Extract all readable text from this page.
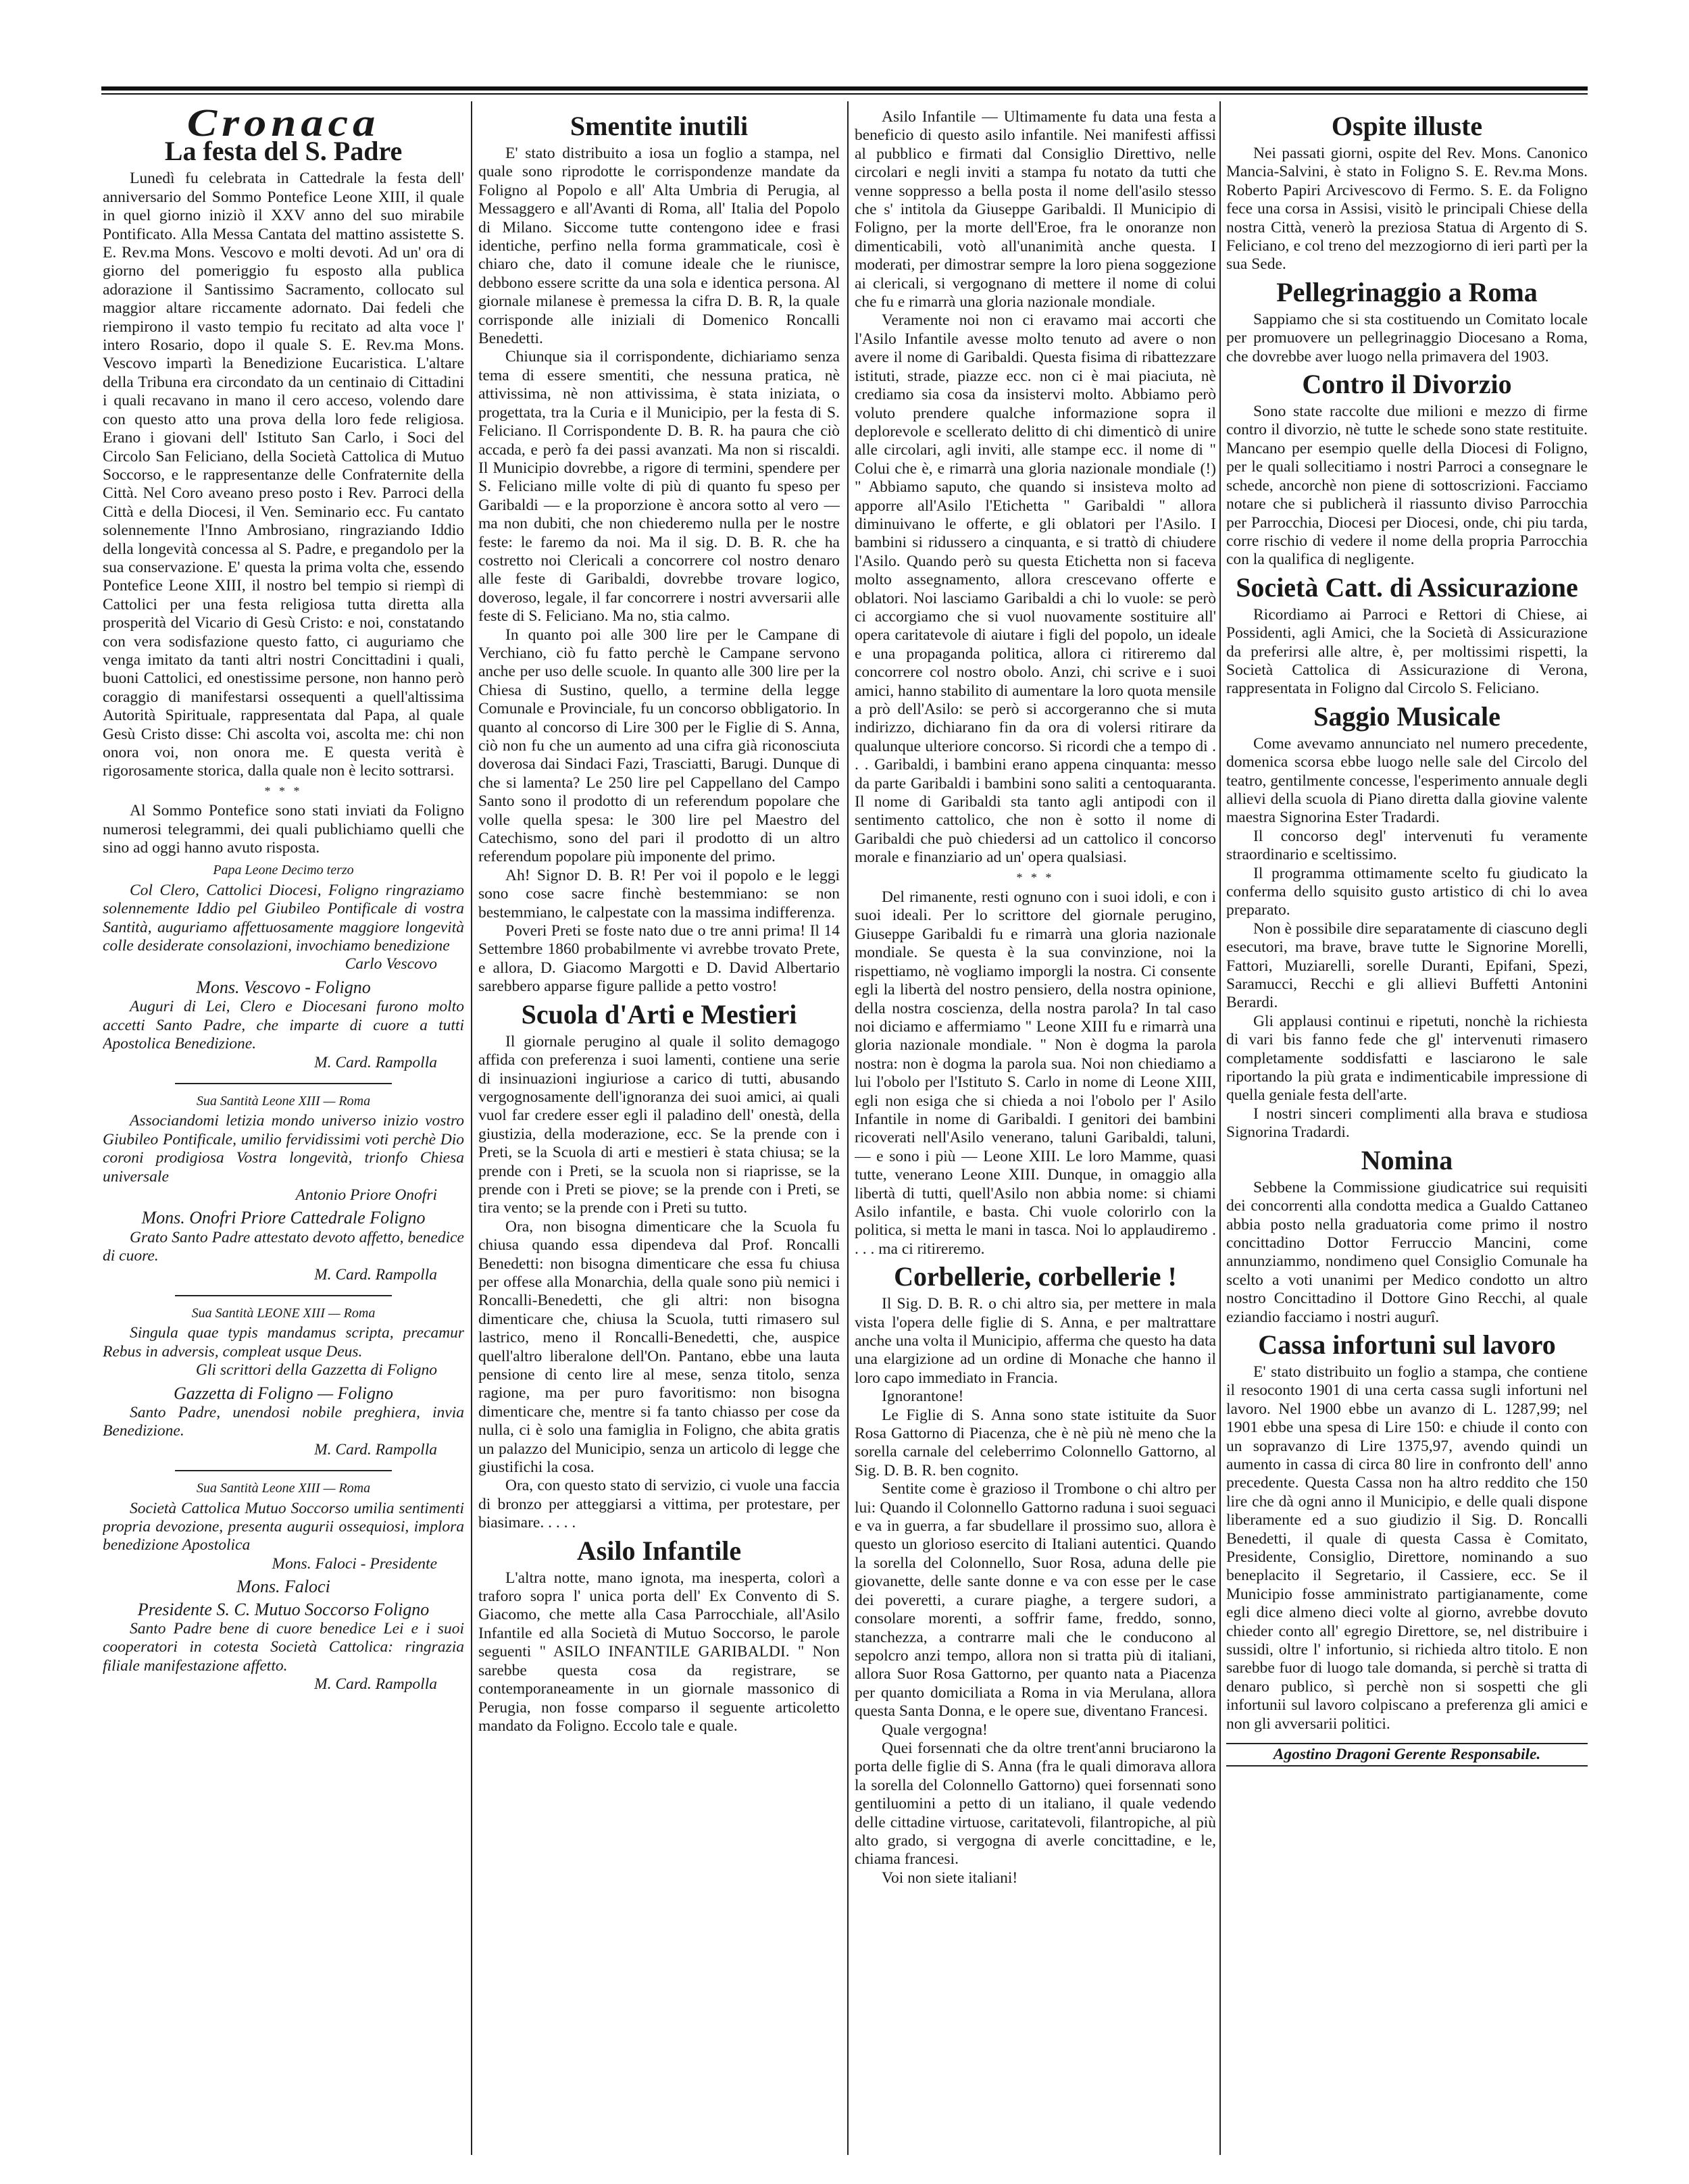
Cronaca
La festa del S. Padre
Lunedì fu celebrata in Cattedrale la festa dell' anniversario del Sommo Pontefice Leone XIII, il quale in quel giorno iniziò il XXV anno del suo mirabile Pontificato. Alla Messa Cantata del mattino assistette S. E. Rev.ma Mons. Vescovo e molti devoti. Ad un' ora di giorno del pomeriggio fu esposto alla publica adorazione il Santissimo Sacramento, collocato sul maggior altare riccamente adornato. Dai fedeli che riempirono il vasto tempio fu recitato ad alta voce l' intero Rosario, dopo il quale S. E. Rev.ma Mons. Vescovo impartì la Benedizione Eucaristica. L'altare della Tribuna era circondato da un centinaio di Cittadini i quali recavano in mano il cero acceso, volendo dare con questo atto una prova della loro fede religiosa. Erano i giovani dell' Istituto San Carlo, i Soci del Circolo San Feliciano, della Società Cattolica di Mutuo Soccorso, e le rappresentanze delle Confraternite della Città. Nel Coro aveano preso posto i Rev. Parroci della Città e della Diocesi, il Ven. Seminario ecc. Fu cantato solennemente l'Inno Ambrosiano, ringraziando Iddio della longevità concessa al S. Padre, e pregandolo per la sua conservazione. E' questa la prima volta che, essendo Pontefice Leone XIII, il nostro bel tempio si riempì di Cattolici per una festa religiosa tutta diretta alla prosperità del Vicario di Gesù Cristo: e noi, constatando con vera sodisfazione questo fatto, ci auguriamo che venga imitato da tanti altri nostri Concittadini i quali, buoni Cattolici, ed onestissime persone, non hanno però coraggio di manifestarsi ossequenti a quell'altissima Autorità Spirituale, rappresentata dal Papa, al quale Gesù Cristo disse: Chi ascolta voi, ascolta me: chi non onora voi, non onora me. E questa verità è rigorosamente storica, dalla quale non è lecito sottrarsi.
* * *
Al Sommo Pontefice sono stati inviati da Foligno numerosi telegrammi, dei quali publichiamo quelli che sino ad oggi hanno avuto risposta.
Papa Leone Decimo terzo
Col Clero, Cattolici Diocesi, Foligno ringraziamo solennemente Iddio pel Giubileo Pontificale di vostra Santità, auguriamo affettuosamente maggiore longevità colle desiderate consolazioni, invochiamo benedizione
Carlo Vescovo
Mons. Vescovo - Foligno
Auguri di Lei, Clero e Diocesani furono molto accetti Santo Padre, che imparte di cuore a tutti Apostolica Benedizione.
M. Card. Rampolla
Sua Santità Leone XIII — Roma
Associandomi letizia mondo universo inizio vostro Giubileo Pontificale, umilio fervidissimi voti perchè Dio coroni prodigiosa Vostra longevità, trionfo Chiesa universale
Antonio Priore Onofri
Mons. Onofri Priore Cattedrale Foligno
Grato Santo Padre attestato devoto affetto, benedice di cuore.
M. Card. Rampolla
Sua Santità LEONE XIII — Roma
Singula quae typis mandamus scripta, precamur Rebus in adversis, compleat usque Deus.
Gli scrittori della Gazzetta di Foligno
Gazzetta di Foligno — Foligno
Santo Padre, unendosi nobile preghiera, invia Benedizione.
M. Card. Rampolla
Sua Santità Leone XIII — Roma
Società Cattolica Mutuo Soccorso umilia sentimenti propria devozione, presenta augurii ossequiosi, implora benedizione Apostolica
Mons. Faloci - Presidente
Mons. Faloci
Presidente S. C. Mutuo Soccorso Foligno
Santo Padre bene di cuore benedice Lei e i suoi cooperatori in cotesta Società Cattolica: ringrazia filiale manifestazione affetto.
M. Card. Rampolla
Smentite inutili
E' stato distribuito a iosa un foglio a stampa, nel quale sono riprodotte le corrispondenze mandate da Foligno al Popolo e all' Alta Umbria di Perugia, al Messaggero e all'Avanti di Roma, all' Italia del Popolo di Milano. Siccome tutte contengono idee e frasi identiche, perfino nella forma grammaticale, così è chiaro che, dato il comune ideale che le riunisce, debbono essere scritte da una sola e identica persona. Al giornale milanese è premessa la cifra D. B. R, la quale corrisponde alle iniziali di Domenico Roncalli Benedetti.
Chiunque sia il corrispondente, dichiariamo senza tema di essere smentiti, che nessuna pratica, nè attivissima, nè non attivissima, è stata iniziata, o progettata, tra la Curia e il Municipio, per la festa di S. Feliciano. Il Corrispondente D. B. R. ha paura che ciò accada, e però fa dei passi avanzati. Ma non si riscaldi. Il Municipio dovrebbe, a rigore di termini, spendere per S. Feliciano mille volte di più di quanto fu speso per Garibaldi — e la proporzione è ancora sotto al vero — ma non dubiti, che non chiederemo nulla per le nostre feste: le faremo da noi. Ma il sig. D. B. R. che ha costretto noi Clericali a concorrere col nostro denaro alle feste di Garibaldi, dovrebbe trovare logico, doveroso, legale, il far concorrere i nostri avversarii alle feste di S. Feliciano. Ma no, stia calmo.
In quanto poi alle 300 lire per le Campane di Verchiano, ciò fu fatto perchè le Campane servono anche per uso delle scuole. In quanto alle 300 lire per la Chiesa di Sustino, quello, a termine della legge Comunale e Provinciale, fu un concorso obbligatorio. In quanto al concorso di Lire 300 per le Figlie di S. Anna, ciò non fu che un aumento ad una cifra già riconosciuta doverosa dai Sindaci Fazi, Trasciatti, Barugi. Dunque di che si lamenta? Le 250 lire pel Cappellano del Campo Santo sono il prodotto di un referendum popolare che volle quella spesa: le 300 lire pel Maestro del Catechismo, sono del pari il prodotto di un altro referendum popolare più imponente del primo.
Ah! Signor D. B. R! Per voi il popolo e le leggi sono cose sacre finchè bestemmiano: se non bestemmiano, le calpestate con la massima indifferenza.
Poveri Preti se foste nato due o tre anni prima! Il 14 Settembre 1860 probabilmente vi avrebbe trovato Prete, e allora, D. Giacomo Margotti e D. David Albertario sarebbero apparse figure pallide a petto vostro!
Scuola d'Arti e Mestieri
Il giornale perugino al quale il solito demagogo affida con preferenza i suoi lamenti, contiene una serie di insinuazioni ingiuriose a carico di tutti, abusando vergognosamente dell'ignoranza dei suoi amici, ai quali vuol far credere esser egli il paladino dell' onestà, della giustizia, della moderazione, ecc. Se la prende con i Preti, se la Scuola di arti e mestieri è stata chiusa; se la prende con i Preti, se la scuola non si riaprisse, se la prende con i Preti se piove; se la prende con i Preti, se tira vento; se la prende con i Preti su tutto.
Ora, non bisogna dimenticare che la Scuola fu chiusa quando essa dipendeva dal Prof. Roncalli Benedetti: non bisogna dimenticare che essa fu chiusa per offese alla Monarchia, della quale sono più nemici i Roncalli-Benedetti, che gli altri: non bisogna dimenticare che, chiusa la Scuola, tutti rimasero sul lastrico, meno il Roncalli-Benedetti, che, auspice quell'altro liberalone dell'On. Pantano, ebbe una lauta pensione di cento lire al mese, senza titolo, senza ragione, ma per puro favoritismo: non bisogna dimenticare che, mentre si fa tanto chiasso per cose da nulla, ci è solo una famiglia in Foligno, che abita gratis un palazzo del Municipio, senza un articolo di legge che giustifichi la cosa.
Ora, con questo stato di servizio, ci vuole una faccia di bronzo per atteggiarsi a vittima, per protestare, per biasimare. . . . .
Asilo Infantile
L'altra notte, mano ignota, ma inesperta, colorì a traforo sopra l' unica porta dell' Ex Convento di S. Giacomo, che mette alla Casa Parrocchiale, all'Asilo Infantile ed alla Società di Mutuo Soccorso, le parole seguenti " ASILO INFANTILE GARIBALDI. " Non sarebbe questa cosa da registrare, se contemporaneamente in un giornale massonico di Perugia, non fosse comparso il seguente articoletto mandato da Foligno. Eccolo tale e quale.
Asilo Infantile — Ultimamente fu data una festa a beneficio di questo asilo infantile. Nei manifesti affissi al pubblico e firmati dal Consiglio Direttivo, nelle circolari e negli inviti a stampa fu notato da tutti che venne soppresso a bella posta il nome dell'asilo stesso che s' intitola da Giuseppe Garibaldi. Il Municipio di Foligno, per la morte dell'Eroe, fra le onoranze non dimenticabili, votò all'unanimità anche questa. I moderati, per dimostrar sempre la loro piena soggezione ai clericali, si vergognano di mettere il nome di colui che fu e rimarrà una gloria nazionale mondiale.
Veramente noi non ci eravamo mai accorti che l'Asilo Infantile avesse molto tenuto ad avere o non avere il nome di Garibaldi. Questa fisima di ribattezzare istituti, strade, piazze ecc. non ci è mai piaciuta, nè crediamo sia cosa da insistervi molto. Abbiamo però voluto prendere qualche informazione sopra il deplorevole e scellerato delitto di chi dimenticò di unire alle circolari, agli inviti, alle stampe ecc. il nome di " Colui che è, e rimarrà una gloria nazionale mondiale (!) " Abbiamo saputo, che quando si insisteva molto ad apporre all'Asilo l'Etichetta " Garibaldi " allora diminuivano le offerte, e gli oblatori per l'Asilo. I bambini si ridussero a cinquanta, e si trattò di chiudere l'Asilo. Quando però su questa Etichetta non si faceva molto assegnamento, allora crescevano offerte e oblatori. Noi lasciamo Garibaldi a chi lo vuole: se però ci accorgiamo che si vuol nuovamente sostituire all' opera caritatevole di aiutare i figli del popolo, un ideale e una propaganda politica, allora ci ritireremo dal concorrere col nostro obolo. Anzi, chi scrive e i suoi amici, hanno stabilito di aumentare la loro quota mensile a prò dell'Asilo: se però si accorgeranno che si muta indirizzo, dichiarano fin da ora di volersi ritirare da qualunque ulteriore concorso. Si ricordi che a tempo di . . . Garibaldi, i bambini erano appena cinquanta: messo da parte Garibaldi i bambini sono saliti a centoquaranta. Il nome di Garibaldi sta tanto agli antipodi con il sentimento cattolico, che non è sotto il nome di Garibaldi che può chiedersi ad un cattolico il concorso morale e finanziario ad un' opera qualsiasi.
* * *
Del rimanente, resti ognuno con i suoi idoli, e con i suoi ideali. Per lo scrittore del giornale perugino, Giuseppe Garibaldi fu e rimarrà una gloria nazionale mondiale. Se questa è la sua convinzione, noi la rispettiamo, nè vogliamo imporgli la nostra. Ci consente egli la libertà del nostro pensiero, della nostra opinione, della nostra coscienza, della nostra parola? In tal caso noi diciamo e affermiamo " Leone XIII fu e rimarrà una gloria nazionale mondiale. " Non è dogma la parola nostra: non è dogma la parola sua. Noi non chiediamo a lui l'obolo per l'Istituto S. Carlo in nome di Leone XIII, egli non esiga che si chieda a noi l'obolo per l' Asilo Infantile in nome di Garibaldi. I genitori dei bambini ricoverati nell'Asilo venerano, taluni Garibaldi, taluni, — e sono i più — Leone XIII. Le loro Mamme, quasi tutte, venerano Leone XIII. Dunque, in omaggio alla libertà di tutti, quell'Asilo non abbia nome: si chiami Asilo infantile, e basta. Chi vuole colorirlo con la politica, si metta le mani in tasca. Noi lo applaudiremo . . . . ma ci ritireremo.
Corbellerie, corbellerie !
Il Sig. D. B. R. o chi altro sia, per mettere in mala vista l'opera delle figlie di S. Anna, e per maltrattare anche una volta il Municipio, afferma che questo ha data una elargizione ad un ordine di Monache che hanno il loro capo immediato in Francia.
Ignorantone!
Le Figlie di S. Anna sono state istituite da Suor Rosa Gattorno di Piacenza, che è nè più nè meno che la sorella carnale del celeberrimo Colonnello Gattorno, al Sig. D. B. R. ben cognito.
Sentite come è grazioso il Trombone o chi altro per lui: Quando il Colonnello Gattorno raduna i suoi seguaci e va in guerra, a far sbudellare il prossimo suo, allora è questo un glorioso esercito di Italiani autentici. Quando la sorella del Colonnello, Suor Rosa, aduna delle pie giovanette, delle sante donne e va con esse per le case dei poveretti, a curare piaghe, a tergere sudori, a consolare morenti, a soffrir fame, freddo, sonno, stanchezza, a contrarre mali che le conducono al sepolcro anzi tempo, allora non si tratta più di italiani, allora Suor Rosa Gattorno, per quanto nata a Piacenza per quanto domiciliata a Roma in via Merulana, allora questa Santa Donna, e le opere sue, diventano Francesi.
Quale vergogna!
Quei forsennati che da oltre trent'anni bruciarono la porta delle figlie di S. Anna (fra le quali dimorava allora la sorella del Colonnello Gattorno) quei forsennati sono gentiluomini a petto di un italiano, il quale vedendo delle cittadine virtuose, caritatevoli, filantropiche, al più alto grado, si vergogna di averle concittadine, e le, chiama francesi.
Voi non siete italiani!
Ospite illuste
Nei passati giorni, ospite del Rev. Mons. Canonico Mancia-Salvini, è stato in Foligno S. E. Rev.ma Mons. Roberto Papiri Arcivescovo di Fermo. S. E. da Foligno fece una corsa in Assisi, visitò le principali Chiese della nostra Città, venerò la preziosa Statua di Argento di S. Feliciano, e col treno del mezzogiorno di ieri partì per la sua Sede.
Pellegrinaggio a Roma
Sappiamo che si sta costituendo un Comitato locale per promuovere un pellegrinaggio Diocesano a Roma, che dovrebbe aver luogo nella primavera del 1903.
Contro il Divorzio
Sono state raccolte due milioni e mezzo di firme contro il divorzio, nè tutte le schede sono state restituite. Mancano per esempio quelle della Diocesi di Foligno, per le quali sollecitiamo i nostri Parroci a consegnare le schede, ancorchè non piene di sottoscrizioni. Facciamo notare che si publicherà il riassunto diviso Parrocchia per Parrocchia, Diocesi per Diocesi, onde, chi piu tarda, corre rischio di vedere il nome della propria Parrocchia con la qualifica di negligente.
Società Catt. di Assicurazione
Ricordiamo ai Parroci e Rettori di Chiese, ai Possidenti, agli Amici, che la Società di Assicurazione da preferirsi alle altre, è, per moltissimi rispetti, la Società Cattolica di Assicurazione di Verona, rappresentata in Foligno dal Circolo S. Feliciano.
Saggio Musicale
Come avevamo annunciato nel numero precedente, domenica scorsa ebbe luogo nelle sale del Circolo del teatro, gentilmente concesse, l'esperimento annuale degli allievi della scuola di Piano diretta dalla giovine valente maestra Signorina Ester Tradardi.
Il concorso degl' intervenuti fu veramente straordinario e sceltissimo.
Il programma ottimamente scelto fu giudicato la conferma dello squisito gusto artistico di chi lo avea preparato.
Non è possibile dire separatamente di ciascuno degli esecutori, ma brave, brave tutte le Signorine Morelli, Fattori, Muziarelli, sorelle Duranti, Epifani, Spezi, Saramucci, Recchi e gli allievi Buffetti Antonini Berardi.
Gli applausi continui e ripetuti, nonchè la richiesta di vari bis fanno fede che gl' intervenuti rimasero completamente soddisfatti e lasciarono le sale riportando la più grata e indimenticabile impressione di quella geniale festa dell'arte.
I nostri sinceri complimenti alla brava e studiosa Signorina Tradardi.
Nomina
Sebbene la Commissione giudicatrice sui requisiti dei concorrenti alla condotta medica a Gualdo Cattaneo abbia posto nella graduatoria come primo il nostro concittadino Dottor Ferruccio Mancini, come annunziammo, nondimeno quel Consiglio Comunale ha scelto a voti unanimi per Medico condotto un altro nostro Concittadino il Dottore Gino Recchi, al quale eziandio facciamo i nostri augurî.
Cassa infortuni sul lavoro
E' stato distribuito un foglio a stampa, che contiene il resoconto 1901 di una certa cassa sugli infortuni nel lavoro. Nel 1900 ebbe un avanzo di L. 1287,99; nel 1901 ebbe una spesa di Lire 150: e chiude il conto con un sopravanzo di Lire 1375,97, avendo quindi un aumento in cassa di circa 80 lire in confronto dell' anno precedente. Questa Cassa non ha altro reddito che 150 lire che dà ogni anno il Municipio, e delle quali dispone liberamente ed a suo giudizio il Sig. D. Roncalli Benedetti, il quale di questa Cassa è Comitato, Presidente, Consiglio, Direttore, nominando a suo beneplacito il Segretario, il Cassiere, ecc. Se il Municipio fosse amministrato partigianamente, come egli dice almeno dieci volte al giorno, avrebbe dovuto chieder conto all' egregio Direttore, se, nel distribuire i sussidi, oltre l' infortunio, si richieda altro titolo. E non sarebbe fuor di luogo tale domanda, si perchè si tratta di denaro publico, sì perchè non si sospetti che gli infortunii sul lavoro colpiscano a preferenza gli amici e non gli avversarii politici.
Agostino Dragoni Gerente Responsabile.
